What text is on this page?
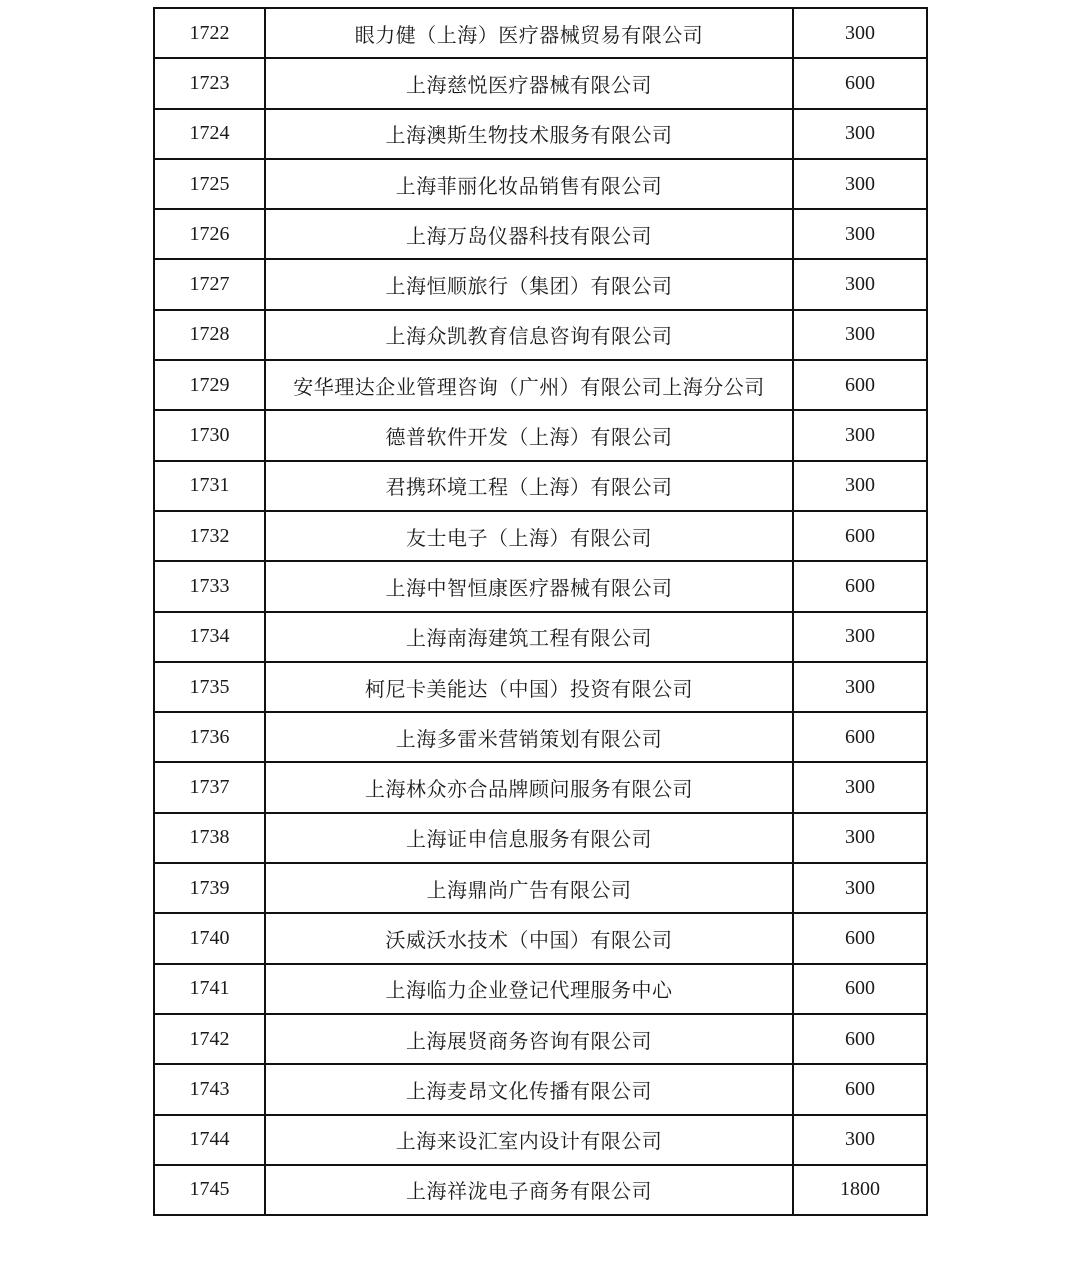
1722	眼力健（上海）医疗器械贸易有限公司	300
1723	上海慈悦医疗器械有限公司	600
1724	上海澳斯生物技术服务有限公司	300
1725	上海菲丽化妆品销售有限公司	300
1726	上海万岛仪器科技有限公司	300
1727	上海恒顺旅行（集团）有限公司	300
1728	上海众凯教育信息咨询有限公司	300
1729	安华理达企业管理咨询（广州）有限公司上海分公司	600
1730	德普软件开发（上海）有限公司	300
1731	君携环境工程（上海）有限公司	300
1732	友士电子（上海）有限公司	600
1733	上海中智恒康医疗器械有限公司	600
1734	上海南海建筑工程有限公司	300
1735	柯尼卡美能达（中国）投资有限公司	300
1736	上海多雷米营销策划有限公司	600
1737	上海林众亦合品牌顾问服务有限公司	300
1738	上海证申信息服务有限公司	300
1739	上海鼎尚广告有限公司	300
1740	沃威沃水技术（中国）有限公司	600
1741	上海临力企业登记代理服务中心	600
1742	上海展贤商务咨询有限公司	600
1743	上海麦昂文化传播有限公司	600
1744	上海来设汇室内设计有限公司	300
1745	上海祥泷电子商务有限公司	1800
